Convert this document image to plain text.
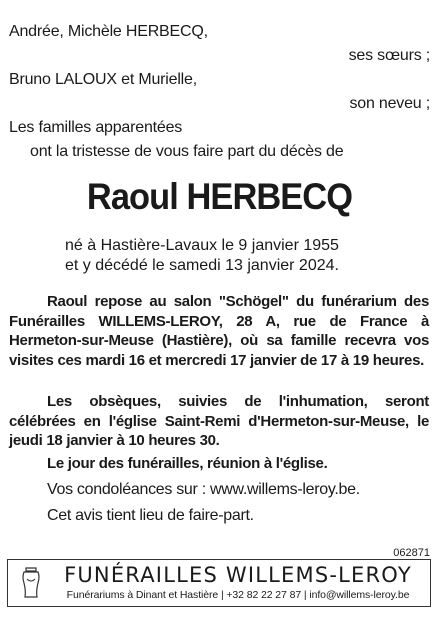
Andrée, Michèle HERBECQ,
ses sœurs ;
Bruno LALOUX et Murielle,
son neveu ;
Les familles apparentées
ont la tristesse de vous faire part du décès de
Raoul HERBECQ
né à Hastière-Lavaux le 9 janvier 1955
et y décédé le samedi 13 janvier 2024.
Raoul repose au salon "Schögel" du funérarium des Funérailles WILLEMS-LEROY, 28 A, rue de France à Hermeton-sur-Meuse (Hastière), où sa famille recevra vos visites ces mardi 16 et mercredi 17 janvier de 17 à 19 heures.
Les obsèques, suivies de l'inhumation, seront célébrées en l'église Saint-Remi d'Hermeton-sur-Meuse, le jeudi 18 janvier à 10 heures 30.
Le jour des funérailles, réunion à l'église.
Vos condoléances sur : www.willems-leroy.be.
Cet avis tient lieu de faire-part.
062871
FUNÉRAILLES WILLEMS-LEROY
Funérariums à Dinant et Hastière | +32 82 22 27 87 | info@willems-leroy.be
